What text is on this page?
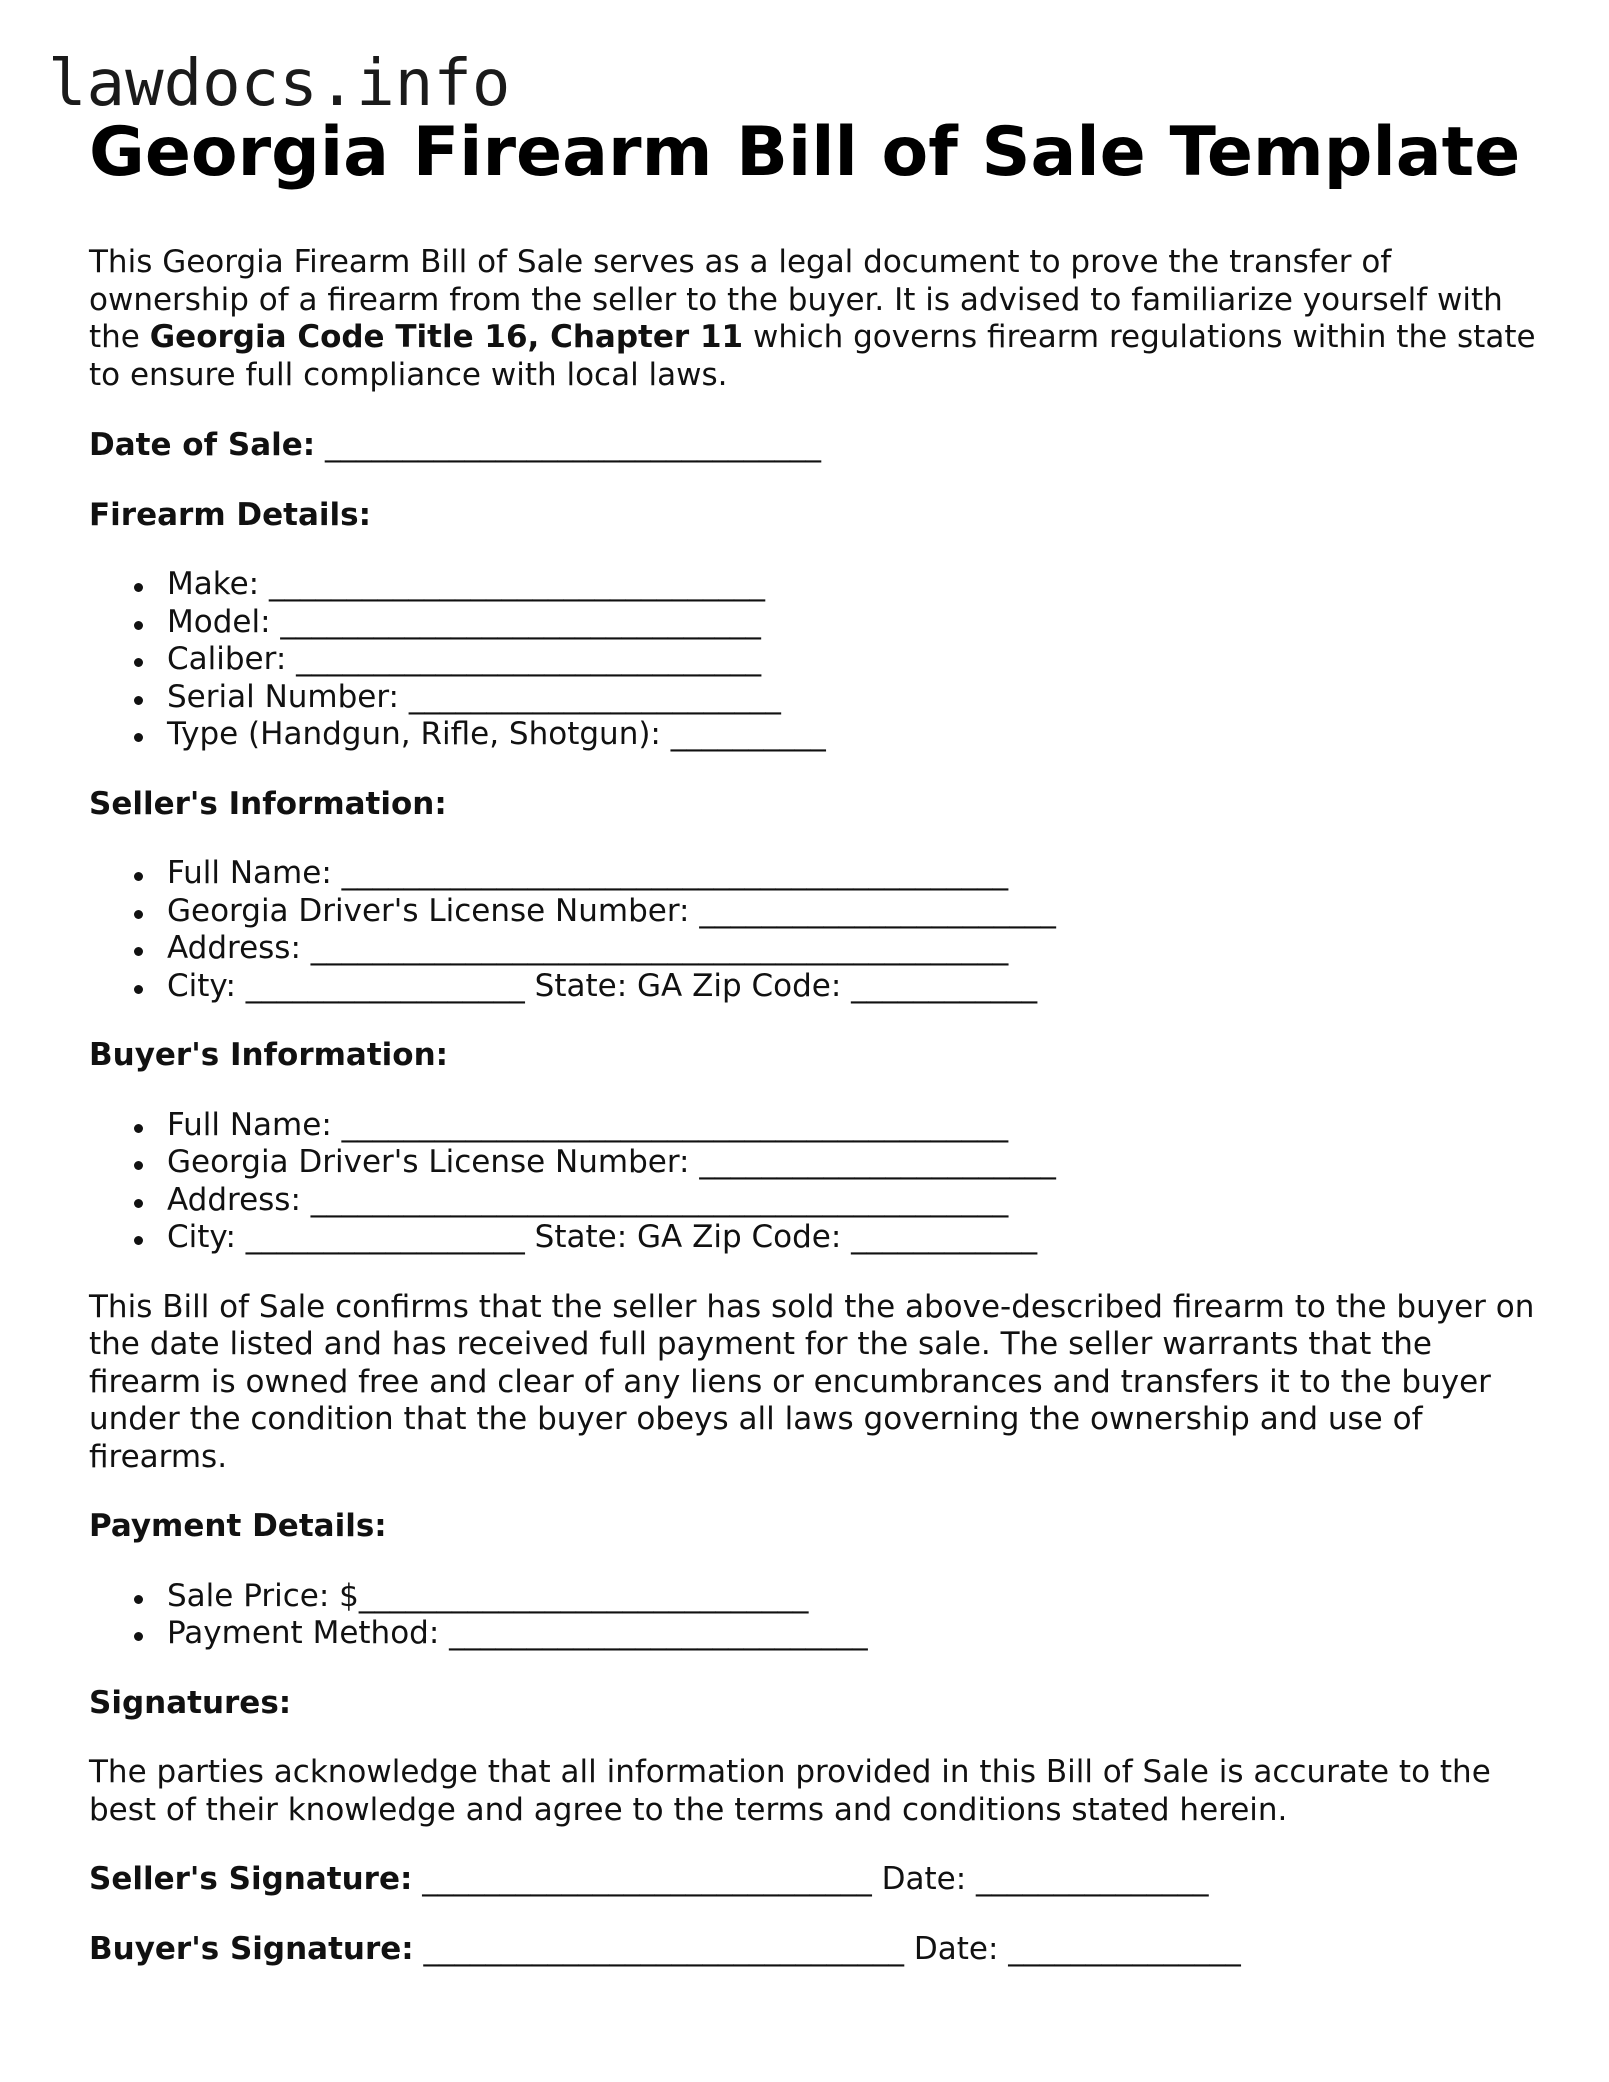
lawdocs.info
Georgia Firearm Bill of Sale Template

This Georgia Firearm Bill of Sale serves as a legal document to prove the transfer of ownership of a firearm from the seller to the buyer. It is advised to familiarize yourself with the Georgia Code Title 16, Chapter 11 which governs firearm regulations within the state to ensure full compliance with local laws.

Date of Sale: ________________________________

Firearm Details:

Make: ________________________________
Model: _______________________________
Caliber: ______________________________
Serial Number: ________________________
Type (Handgun, Rifle, Shotgun): __________

Seller's Information:

Full Name: ___________________________________________
Georgia Driver's License Number: _______________________
Address: _____________________________________________
City: __________________ State: GA Zip Code: ____________

Buyer's Information:

Full Name: ___________________________________________
Georgia Driver's License Number: _______________________
Address: _____________________________________________
City: __________________ State: GA Zip Code: ____________

This Bill of Sale confirms that the seller has sold the above-described firearm to the buyer on the date listed and has received full payment for the sale. The seller warrants that the firearm is owned free and clear of any liens or encumbrances and transfers it to the buyer under the condition that the buyer obeys all laws governing the ownership and use of firearms.

Payment Details:

Sale Price: $_____________________________
Payment Method: ___________________________

Signatures:

The parties acknowledge that all information provided in this Bill of Sale is accurate to the best of their knowledge and agree to the terms and conditions stated herein.

Seller's Signature: _____________________________ Date: _______________

Buyer's Signature: _______________________________ Date: _______________
